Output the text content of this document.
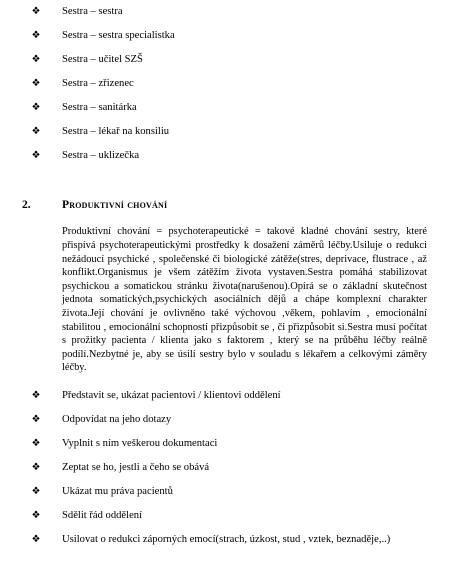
❖ Sestra – sestra
❖ Sestra – sestra specialistka
❖ Sestra – učitel SZŠ
❖ Sestra – zřizenec
❖ Sestra – sanitárka
❖ Sestra – lékař na konsiliu
❖ Sestra – uklizečka
2.	Produktivní chování

Produktivní chování = psychoterapeutické = takové kladné chování sestry, které přispívá psychoterapeutickými prostředky k dosažení záměrů léčby.Usiluje o redukci nežádoucí psychické , společenské či biologické zátěže(stres, deprivace, flustrace , až konflikt.Organismus je všem zátěžím života vystaven.Sestra pomáhá stabilizovat psychickou a somatickou stránku života(narušenou).Opírá se o základní skutečnost jednota somatických,psychických asociálních dějů a chápe komplexní charakter života.Její chování je ovlivněno také výchovou ,věkem, pohlavím , emocionální stabilitou , emocionální schopností přizpůsobit se , či přizpůsobit si.Sestra musí počítat s prožitky pacienta / klienta jako s faktorem , který se na průběhu léčby reálně podílí.Nezbytné je, aby se úsilí sestry bylo v souladu s lékařem a celkovými záměry léčby.

❖ Představit se, ukázat pacientovi / klientovi oddělení
❖ Odpovídat na jeho dotazy
❖ Vyplnit s ním veškerou dokumentaci
❖ Zeptat se ho, jestli a čeho se obává
❖ Ukázat mu práva pacientů
❖ Sdělit řád oddělení
❖ Usilovat o redukci záporných emocí(strach, úzkost, stud , vztek, beznaděje,..)
